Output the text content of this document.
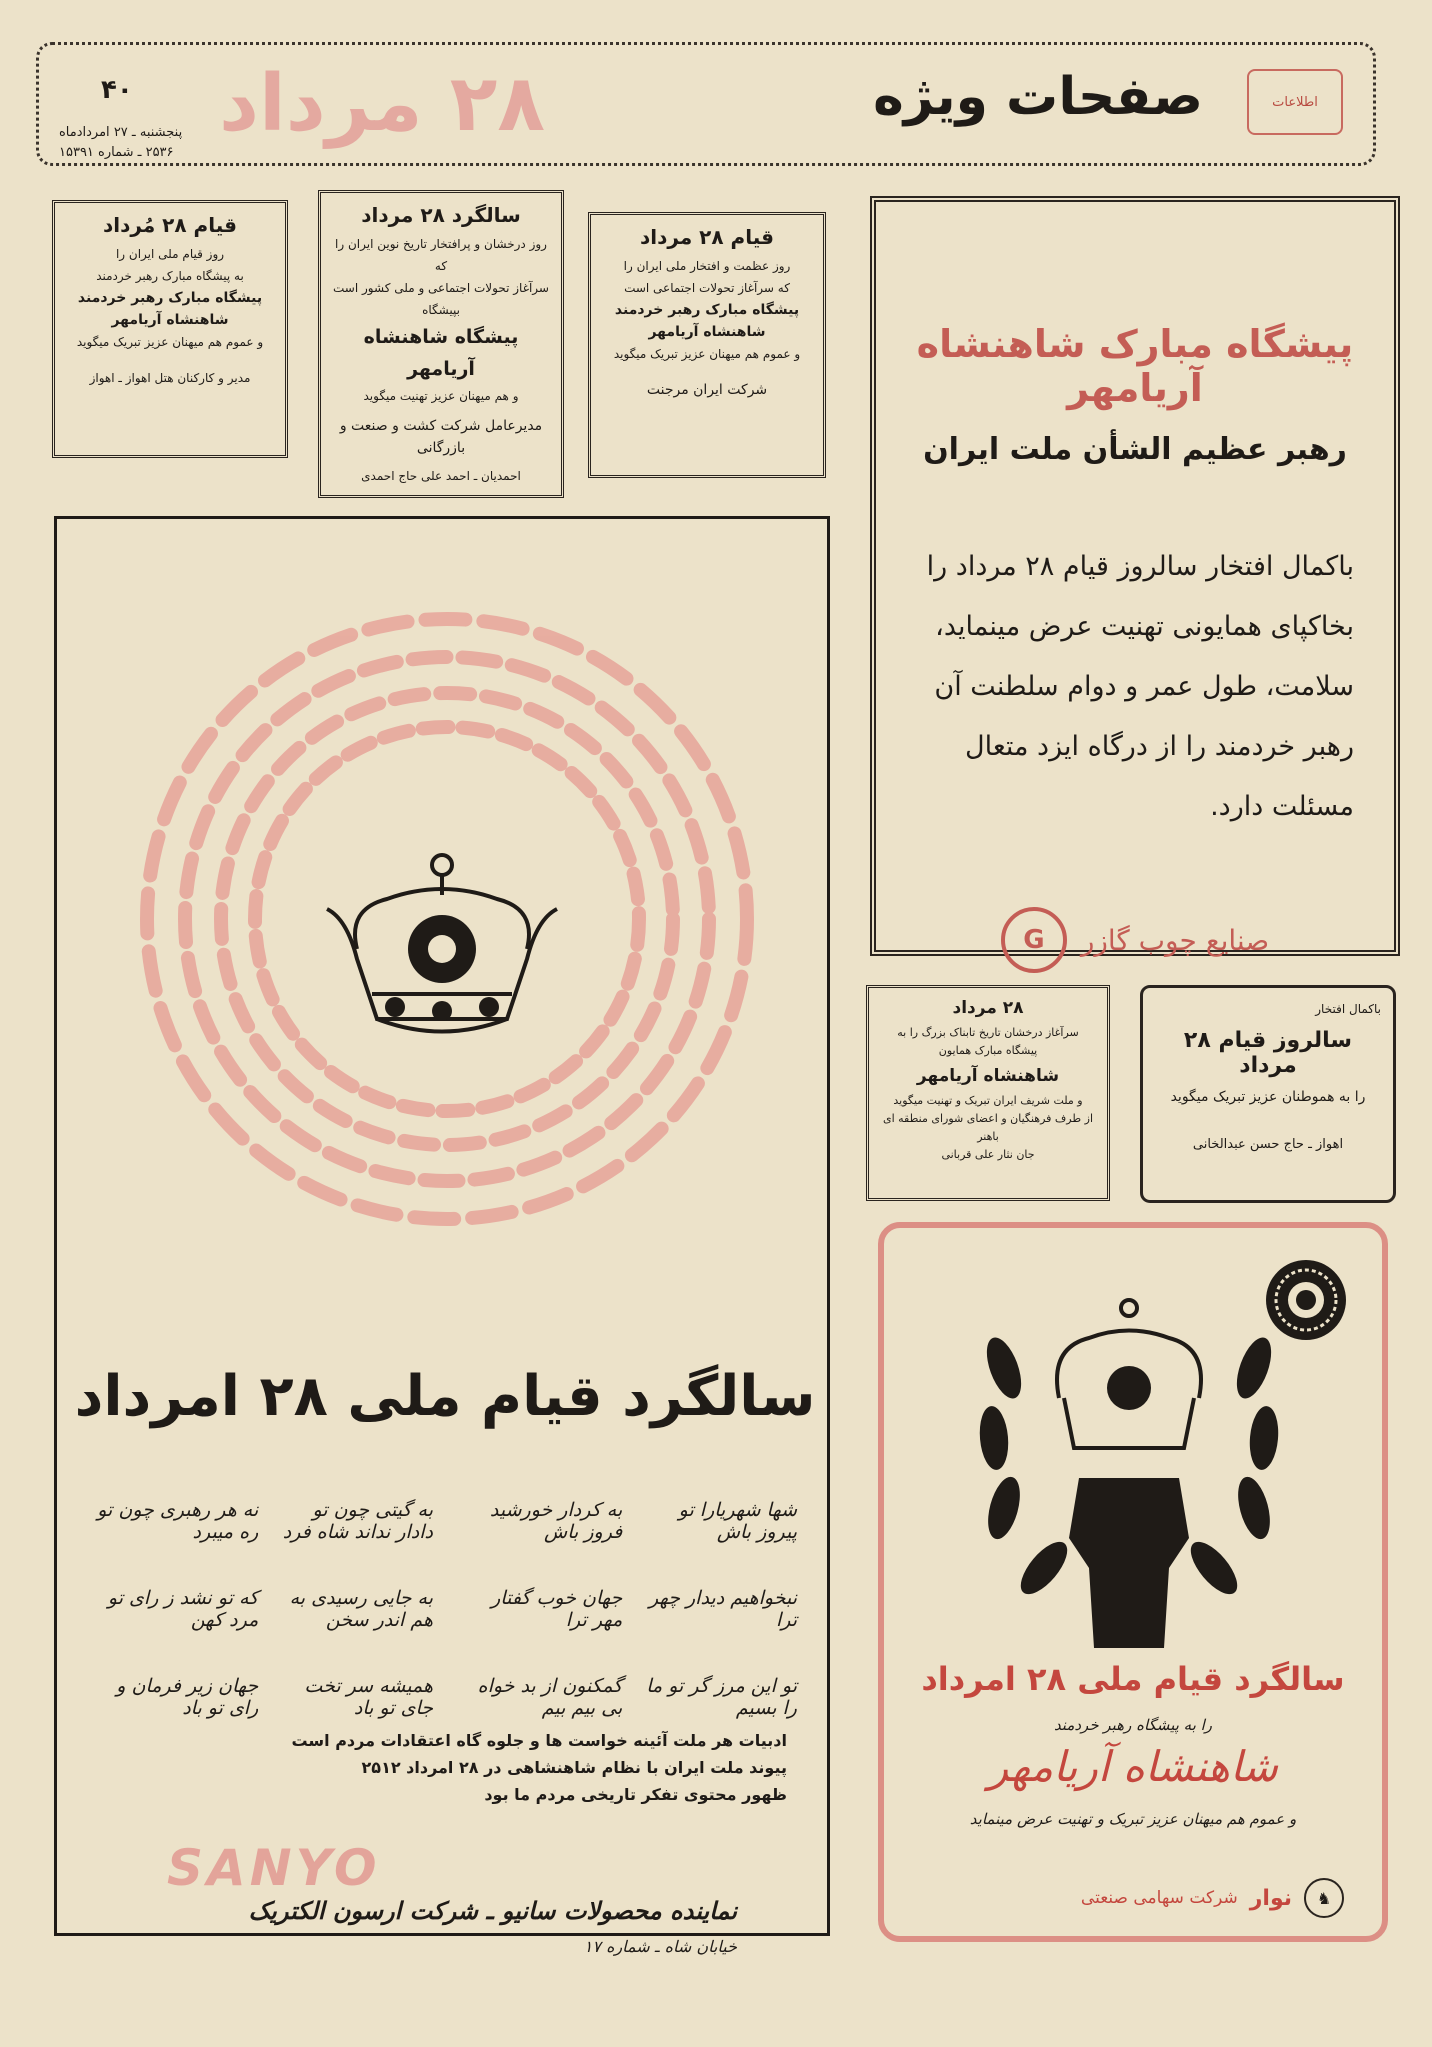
اطلاعات
صفحات ویژه
۲۸ مرداد
۴۰
پنجشنبه ـ ۲۷ امردادماه
۲۵۳۶ ـ شماره ۱۵۳۹۱
قیام ۲۸ مُرداد
روز قیام ملی ایران را
به پیشگاه مبارک رهبر خردمند
پیشگاه مبارک رهبر خردمند شاهنشاه آریامهر
و عموم هم میهنان عزیز تبریک میگوید
مدیر و کارکنان هتل اهواز ـ اهواز
سالگرد ۲۸ مرداد
روز درخشان و پرافتخار تاریخ نوین ایران را که
سرآغاز تحولات اجتماعی و ملی کشور است بپیشگاه
پیشگاه شاهنشاه آریامهر
و هم میهنان عزیز تهنیت میگوید
مدیرعامل شرکت کشت و صنعت و بازرگانی
احمدیان ـ احمد علی حاج احمدی
قیام ۲۸ مرداد
روز عظمت و افتخار ملی ایران را
که سرآغاز تحولات اجتماعی است
پیشگاه مبارک رهبر خردمند شاهنشاه آریامهر
و عموم هم میهنان عزیز تبریک میگوید
شرکت ایران مرجنت
پیشگاه مبارک شاهنشاه آریامهر
رهبر عظیم الشأن ملت ایران
باکمال افتخار سالروز قیام ۲۸ مرداد را بخاکپای همایونی تهنیت عرض مینماید، سلامت، طول عمر و دوام سلطنت آن رهبر خردمند را از درگاه ایزد متعال مسئلت دارد.
صنایع چوب گازر
G
۲۸ مرداد
سرآغاز درخشان تاریخ تابناک بزرگ را به پیشگاه مبارک همایون
شاهنشاه آریامهر
و ملت شریف ایران تبریک و تهنیت میگوید
از طرف فرهنگیان و اعضای شورای منطقه ای باهنر
جان نثار علی قربانی
باکمال افتخار
سالروز قیام ۲۸ مرداد
را به هموطنان عزیز تبریک میگوید
اهواز ـ حاج حسن عبدالخانی
سالگرد قیام ملی ۲۸ امرداد
شها شهریارا تو پیروز باش
به کردار خورشید فروز باش
نبخواهیم دیدار چهر ترا
جهان خوب گفتار مهر ترا
تو این مرز گر تو ما را بسیم
گمکنون از بد خواه بی بیم بیم
به گیتی چون تو دادار نداند شاه فرد
نه هر رهبری چون تو ره میبرد
به جایی رسیدی به هم اندر سخن
که تو نشد ز رای تو مرد کهن
همیشه سر تخت جای تو باد
جهان زیر فرمان و رای تو باد
ادبیات هر ملت آئینه خواست ها و جلوه گاه اعتقادات مردم است
پیوند ملت ایران با نظام شاهنشاهی در ۲۸ امرداد ۲۵۱۲
ظهور محتوی تفکر تاریخی مردم ما بود
SANYO
نماینده محصولات سانیو ـ شرکت ارسون الکتریک
خیابان شاه ـ شماره ۱۷
سالگرد قیام ملی ۲۸ امرداد
را به پیشگاه رهبر خردمند
شاهنشاه آریامهر
و عموم هم میهنان عزیز تبریک و تهنیت عرض مینماید
♞
نوار
شرکت سهامی صنعتی
